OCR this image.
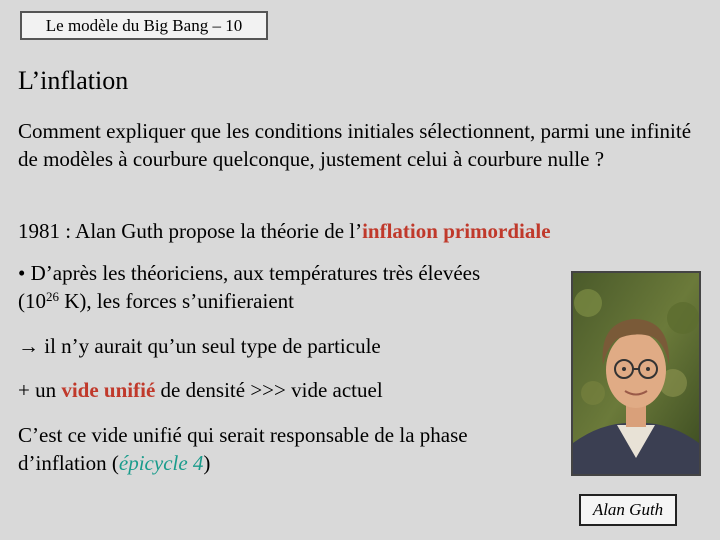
Le modèle du Big Bang – 10
L’inflation
Comment expliquer que les conditions initiales sélectionnent, parmi une infinité de modèles à courbure quelconque, justement celui à courbure nulle ?
1981 : Alan Guth propose la théorie de l’inflation primordiale
• D’après les théoriciens, aux températures très élevées ($10^{26}$ K), les forces s’unifieraient
→ il n’y aurait qu’un seul type de particule
+ un vide unifié de densité >>> vide actuel
C’est ce vide unifié qui serait responsable de la phase d’inflation (épicycle 4)
Alan Guth
